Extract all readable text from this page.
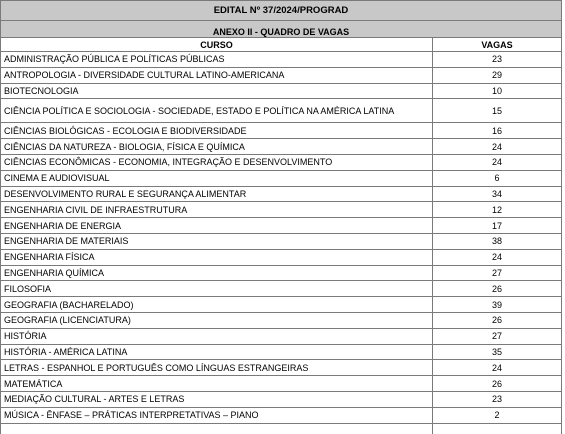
EDITAL Nº 37/2024/PROGRAD	
ANEXO II - QUADRO DE VAGAS	
CURSO	VAGAS
ADMINISTRAÇÃO PÚBLICA E POLÍTICAS PÚBLICAS	23
ANTROPOLOGIA - DIVERSIDADE CULTURAL LATINO-AMERICANA	29
BIOTECNOLOGIA	10
CIÊNCIA POLÍTICA E SOCIOLOGIA - SOCIEDADE, ESTADO E POLÍTICA NA AMÉRICA LATINA	15
CIÊNCIAS BIOLÓGICAS - ECOLOGIA E BIODIVERSIDADE	16
CIÊNCIAS DA NATUREZA - BIOLOGIA, FÍSICA E QUÍMICA	24
CIÊNCIAS ECONÔMICAS - ECONOMIA, INTEGRAÇÃO E DESENVOLVIMENTO	24
CINEMA E AUDIOVISUAL	6
DESENVOLVIMENTO RURAL E SEGURANÇA ALIMENTAR	34
ENGENHARIA CIVIL DE INFRAESTRUTURA	12
ENGENHARIA DE ENERGIA	17
ENGENHARIA DE MATERIAIS	38
ENGENHARIA FÍSICA	24
ENGENHARIA QUÍMICA	27
FILOSOFIA	26
GEOGRAFIA (BACHARELADO)	39
GEOGRAFIA (LICENCIATURA)	26
HISTÓRIA	27
HISTÓRIA - AMÉRICA LATINA	35
LETRAS - ESPANHOL E PORTUGUÊS COMO LÍNGUAS ESTRANGEIRAS	24
MATEMÁTICA	26
MEDIAÇÃO CULTURAL - ARTES E LETRAS	23
MÚSICA - ÊNFASE – PRÁTICAS INTERPRETATIVAS – PIANO	2
